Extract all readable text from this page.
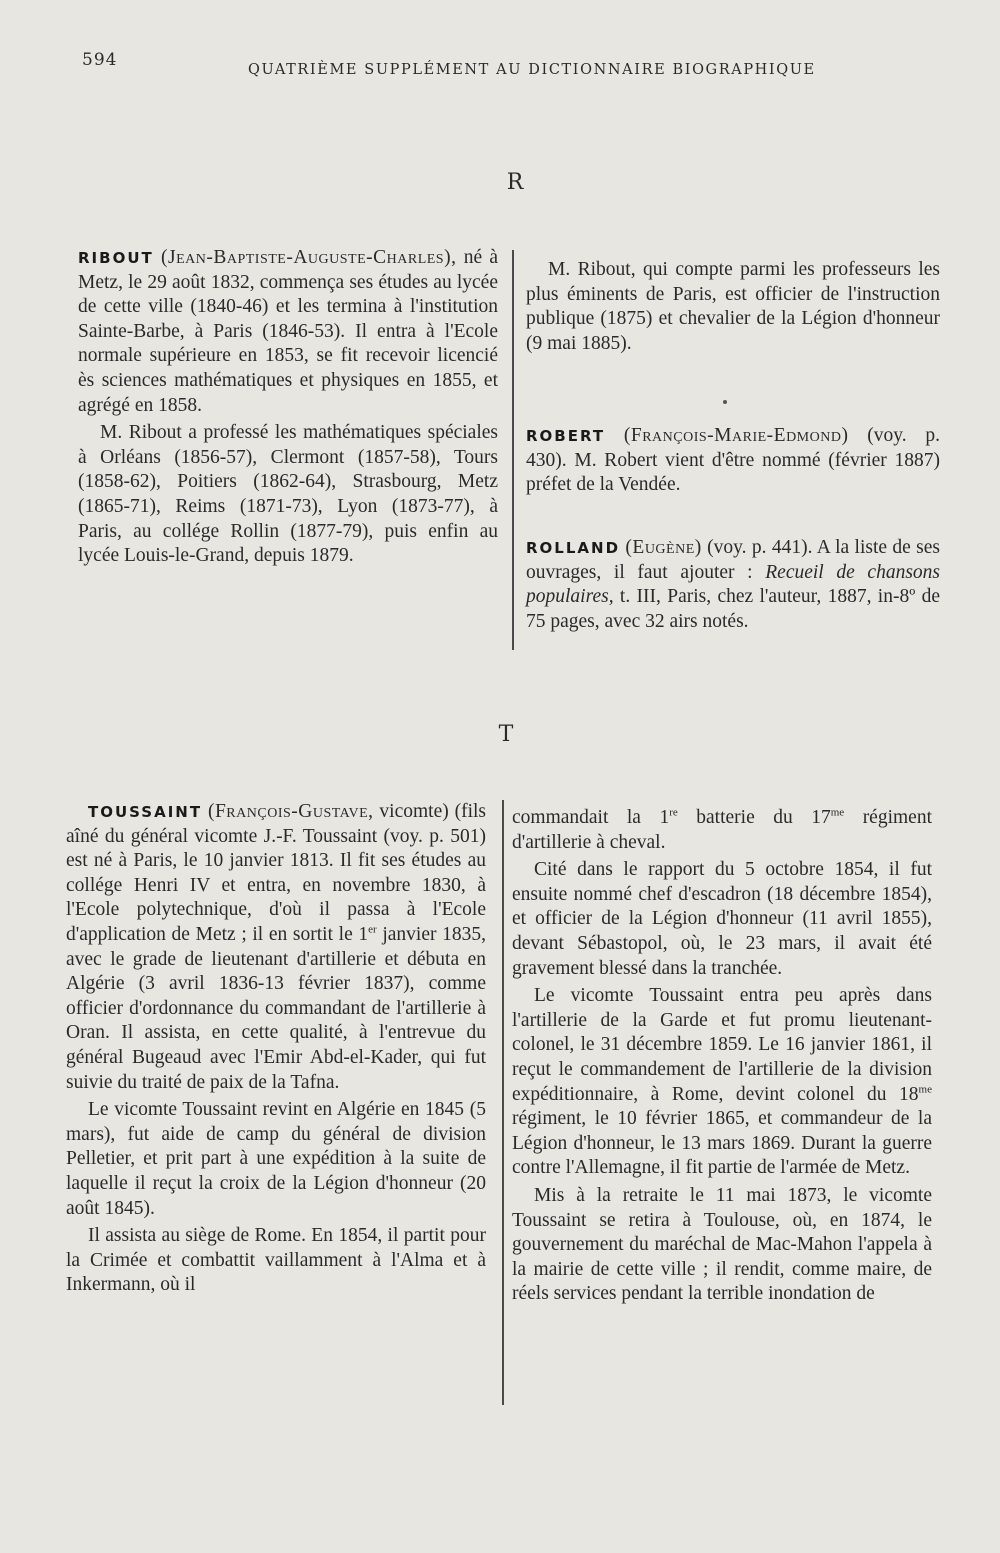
594	QUATRIÈME SUPPLÉMENT AU DICTIONNAIRE BIOGRAPHIQUE
R

RIBOUT (Jean-Baptiste-Auguste-Charles), né à Metz, le 29 août 1832, commença ses études au lycée de cette ville (1840-46) et les termina à l'institution Sainte-Barbe, à Paris (1846-53). Il entra à l'Ecole normale supérieure en 1853, se fit recevoir licencié ès sciences mathématiques et physiques en 1855, et agrégé en 1858.

M. Ribout a professé les mathématiques spéciales à Orléans (1856-57), Clermont (1857-58), Tours (1858-62), Poitiers (1862-64), Strasbourg, Metz (1865-71), Reims (1871-73), Lyon (1873-77), à Paris, au collége Rollin (1877-79), puis enfin au lycée Louis-le-Grand, depuis 1879.

M. Ribout, qui compte parmi les professeurs les plus éminents de Paris, est officier de l'instruction publique (1875) et chevalier de la Légion d'honneur (9 mai 1885).

ROBERT (François-Marie-Edmond) (voy. p. 430). M. Robert vient d'être nommé (février 1887) préfet de la Vendée.

ROLLAND (Eugène) (voy. p. 441). A la liste de ses ouvrages, il faut ajouter : Recueil de chansons populaires, t. III, Paris, chez l'auteur, 1887, in-8º de 75 pages, avec 32 airs notés.

T

TOUSSAINT (François-Gustave, vicomte) (fils aîné du général vicomte J.-F. Toussaint (voy. p. 501) est né à Paris, le 10 janvier 1813. Il fit ses études au collége Henri IV et entra, en novembre 1830, à l'Ecole polytechnique, d'où il passa à l'Ecole d'application de Metz ; il en sortit le 1er janvier 1835, avec le grade de lieutenant d'artillerie et débuta en Algérie (3 avril 1836-13 février 1837), comme officier d'ordonnance du commandant de l'artillerie à Oran. Il assista, en cette qualité, à l'entrevue du général Bugeaud avec l'Emir Abd-el-Kader, qui fut suivie du traité de paix de la Tafna.

Le vicomte Toussaint revint en Algérie en 1845 (5 mars), fut aide de camp du général de division Pelletier, et prit part à une expédition à la suite de laquelle il reçut la croix de la Légion d'honneur (20 août 1845).

Il assista au siège de Rome. En 1854, il partit pour la Crimée et combattit vaillamment à l'Alma et à Inkermann, où il

commandait la 1re batterie du $17^{me}$ régiment d'artillerie à cheval.

Cité dans le rapport du 5 octobre 1854, il fut ensuite nommé chef d'escadron (18 décembre 1854), et officier de la Légion d'honneur (11 avril 1855), devant Sébastopol, où, le 23 mars, il avait été gravement blessé dans la tranchée.

Le vicomte Toussaint entra peu après dans l'artillerie de la Garde et fut promu lieutenant-colonel, le 31 décembre 1859. Le 16 janvier 1861, il reçut le commandement de l'artillerie de la division expéditionnaire, à Rome, devint colonel du $18^{me}$ régiment, le 10 février 1865, et commandeur de la Légion d'honneur, le 13 mars 1869. Durant la guerre contre l'Allemagne, il fit partie de l'armée de Metz.

Mis à la retraite le 11 mai 1873, le vicomte Toussaint se retira à Toulouse, où, en 1874, le gouvernement du maréchal de Mac-Mahon l'appela à la mairie de cette ville ; il rendit, comme maire, de réels services pendant la terrible inondation de
